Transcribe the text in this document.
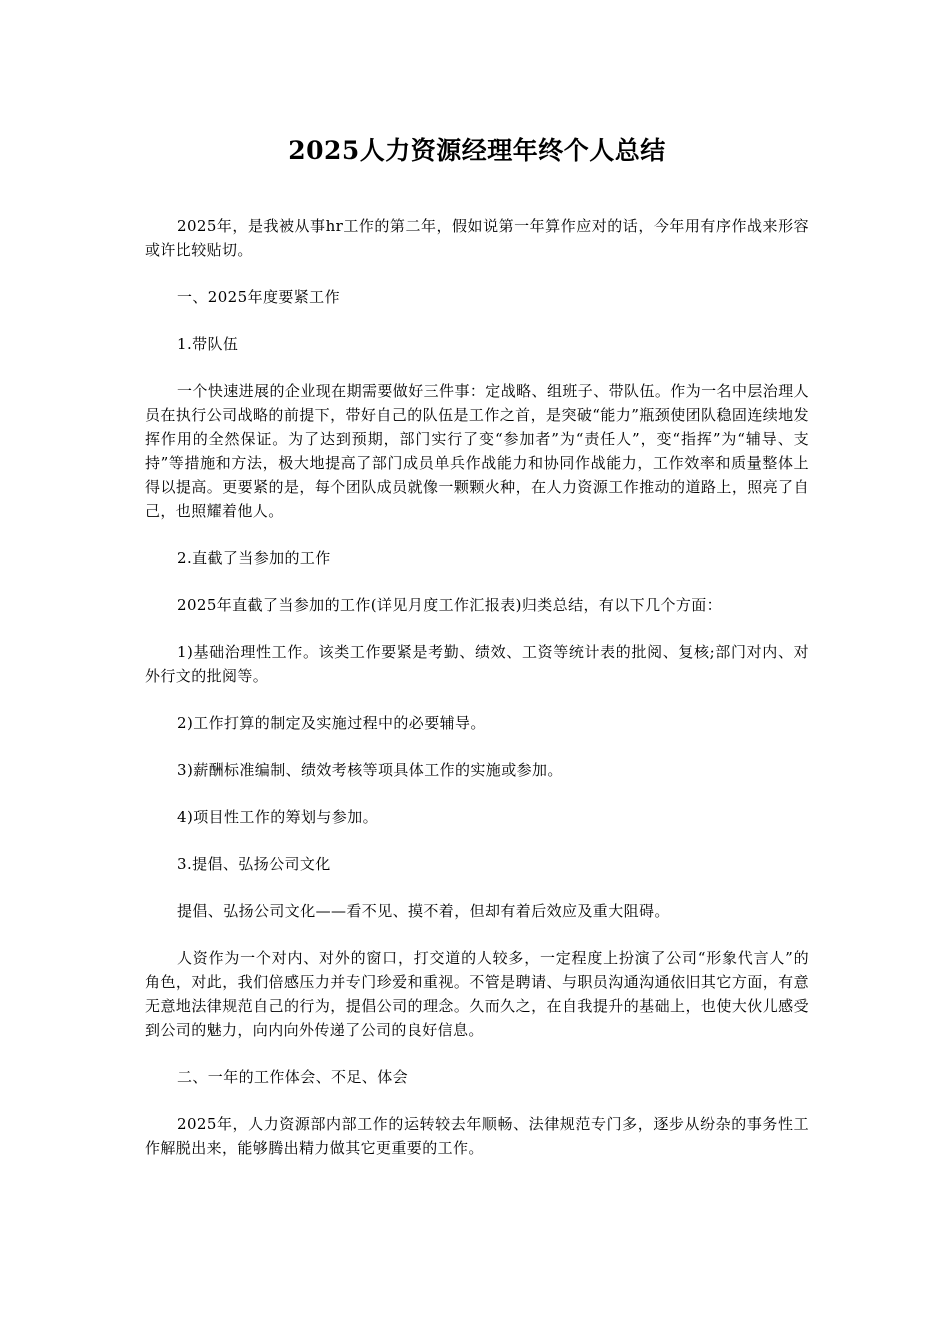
2025人力资源经理年终个人总结

2025年，是我被从事hr工作的第二年，假如说第一年算作应对的话，今年用有序作战来形容或许比较贴切。

一、2025年度要紧工作

1.带队伍

一个快速进展的企业现在期需要做好三件事：定战略、组班子、带队伍。作为一名中层治理人员在执行公司战略的前提下，带好自己的队伍是工作之首，是突破“能力”瓶颈使团队稳固连续地发挥作用的全然保证。为了达到预期，部门实行了变“参加者”为“责任人”，变“指挥”为“辅导、支持”等措施和方法，极大地提高了部门成员单兵作战能力和协同作战能力，工作效率和质量整体上得以提高。更要紧的是，每个团队成员就像一颗颗火种，在人力资源工作推动的道路上，照亮了自己，也照耀着他人。

2.直截了当参加的工作

2025年直截了当参加的工作(详见月度工作汇报表)归类总结，有以下几个方面：

1)基础治理性工作。该类工作要紧是考勤、绩效、工资等统计表的批阅、复核;部门对内、对外行文的批阅等。

2)工作打算的制定及实施过程中的必要辅导。

3)薪酬标准编制、绩效考核等项具体工作的实施或参加。

4)项目性工作的筹划与参加。

3.提倡、弘扬公司文化

提倡、弘扬公司文化——看不见、摸不着，但却有着后效应及重大阻碍。

人资作为一个对内、对外的窗口，打交道的人较多，一定程度上扮演了公司“形象代言人”的角色，对此，我们倍感压力并专门珍爱和重视。不管是聘请、与职员沟通沟通依旧其它方面，有意无意地法律规范自己的行为，提倡公司的理念。久而久之，在自我提升的基础上，也使大伙儿感受到公司的魅力，向内向外传递了公司的良好信息。

二、一年的工作体会、不足、体会

2025年，人力资源部内部工作的运转较去年顺畅、法律规范专门多，逐步从纷杂的事务性工作解脱出来，能够腾出精力做其它更重要的工作。
